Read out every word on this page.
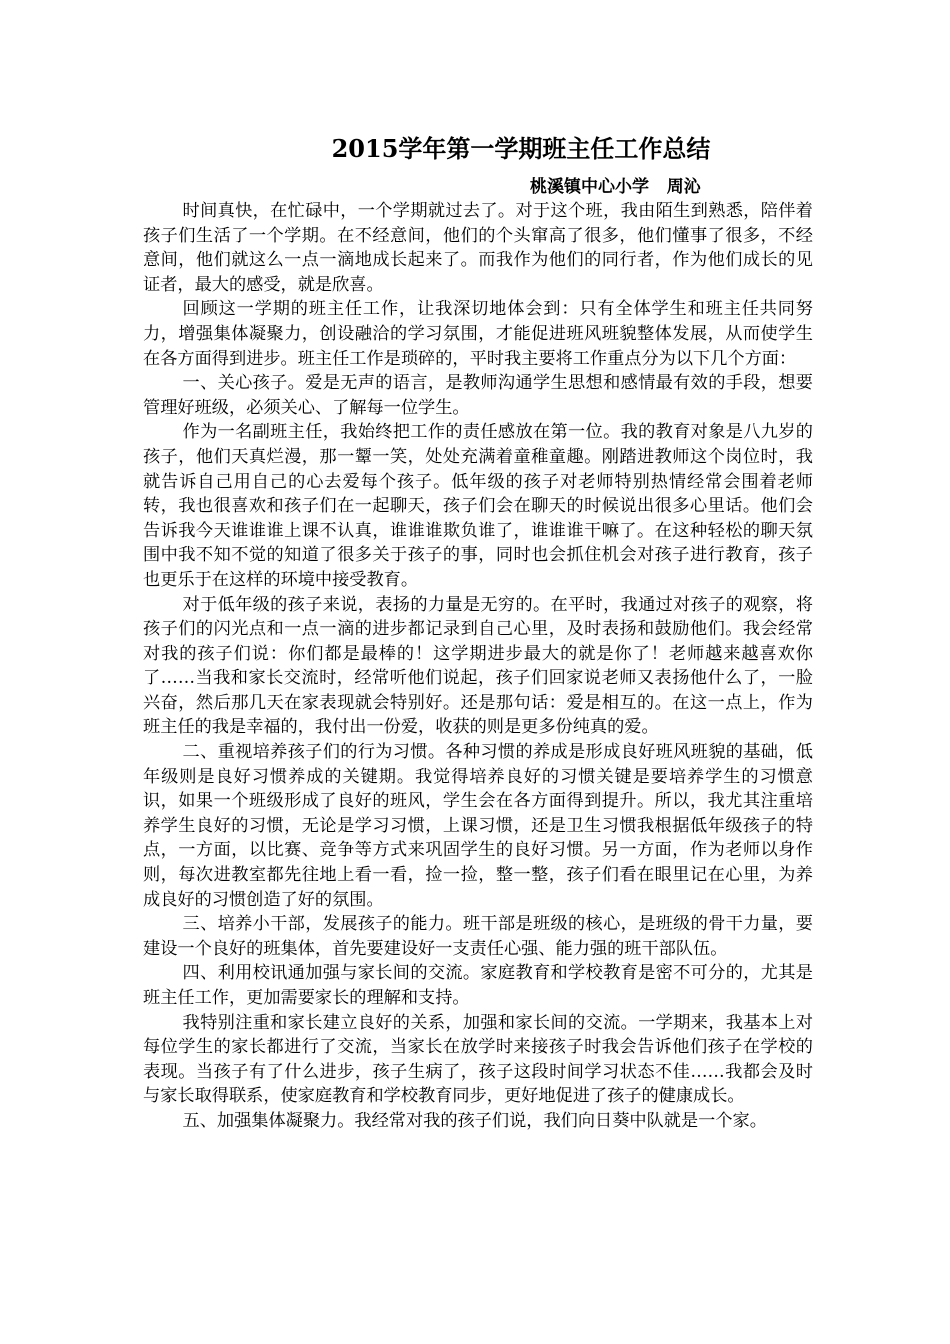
2015学年第一学期班主任工作总结
桃溪镇中心小学   周沁

时间真快，在忙碌中，一个学期就过去了。对于这个班，我由陌生到熟悉，陪伴着孩子们生活了一个学期。在不经意间，他们的个头窜高了很多，他们懂事了很多，不经意间，他们就这么一点一滴地成长起来了。而我作为他们的同行者，作为他们成长的见证者，最大的感受，就是欣喜。

回顾这一学期的班主任工作，让我深切地体会到：只有全体学生和班主任共同努力，增强集体凝聚力，创设融洽的学习氛围，才能促进班风班貌整体发展，从而使学生在各方面得到进步。班主任工作是琐碎的，平时我主要将工作重点分为以下几个方面：

一、关心孩子。爱是无声的语言，是教师沟通学生思想和感情最有效的手段，想要管理好班级，必须关心、了解每一位学生。

作为一名副班主任，我始终把工作的责任感放在第一位。我的教育对象是八九岁的孩子，他们天真烂漫，那一颦一笑，处处充满着童稚童趣。刚踏进教师这个岗位时，我就告诉自己用自己的心去爱每个孩子。低年级的孩子对老师特别热情经常会围着老师转，我也很喜欢和孩子们在一起聊天，孩子们会在聊天的时候说出很多心里话。他们会告诉我今天谁谁谁上课不认真，谁谁谁欺负谁了，谁谁谁干嘛了。在这种轻松的聊天氛围中我不知不觉的知道了很多关于孩子的事，同时也会抓住机会对孩子进行教育，孩子也更乐于在这样的环境中接受教育。

对于低年级的孩子来说，表扬的力量是无穷的。在平时，我通过对孩子的观察，将孩子们的闪光点和一点一滴的进步都记录到自己心里，及时表扬和鼓励他们。我会经常对我的孩子们说：你们都是最棒的！这学期进步最大的就是你了！老师越来越喜欢你了……当我和家长交流时，经常听他们说起，孩子们回家说老师又表扬他什么了，一脸兴奋，然后那几天在家表现就会特别好。还是那句话：爱是相互的。在这一点上，作为班主任的我是幸福的，我付出一份爱，收获的则是更多份纯真的爱。

二、重视培养孩子们的行为习惯。各种习惯的养成是形成良好班风班貌的基础，低年级则是良好习惯养成的关键期。我觉得培养良好的习惯关键是要培养学生的习惯意识，如果一个班级形成了良好的班风，学生会在各方面得到提升。所以，我尤其注重培养学生良好的习惯，无论是学习习惯，上课习惯，还是卫生习惯我根据低年级孩子的特点，一方面，以比赛、竞争等方式来巩固学生的良好习惯。另一方面，作为老师以身作则，每次进教室都先往地上看一看，捡一捡，整一整，孩子们看在眼里记在心里，为养成良好的习惯创造了好的氛围。

三、培养小干部，发展孩子的能力。班干部是班级的核心，是班级的骨干力量，要建设一个良好的班集体，首先要建设好一支责任心强、能力强的班干部队伍。

四、利用校讯通加强与家长间的交流。家庭教育和学校教育是密不可分的，尤其是班主任工作，更加需要家长的理解和支持。

我特别注重和家长建立良好的关系，加强和家长间的交流。一学期来，我基本上对每位学生的家长都进行了交流，当家长在放学时来接孩子时我会告诉他们孩子在学校的表现。当孩子有了什么进步，孩子生病了，孩子这段时间学习状态不佳……我都会及时与家长取得联系，使家庭教育和学校教育同步，更好地促进了孩子的健康成长。

五、加强集体凝聚力。我经常对我的孩子们说，我们向日葵中队就是一个家。
